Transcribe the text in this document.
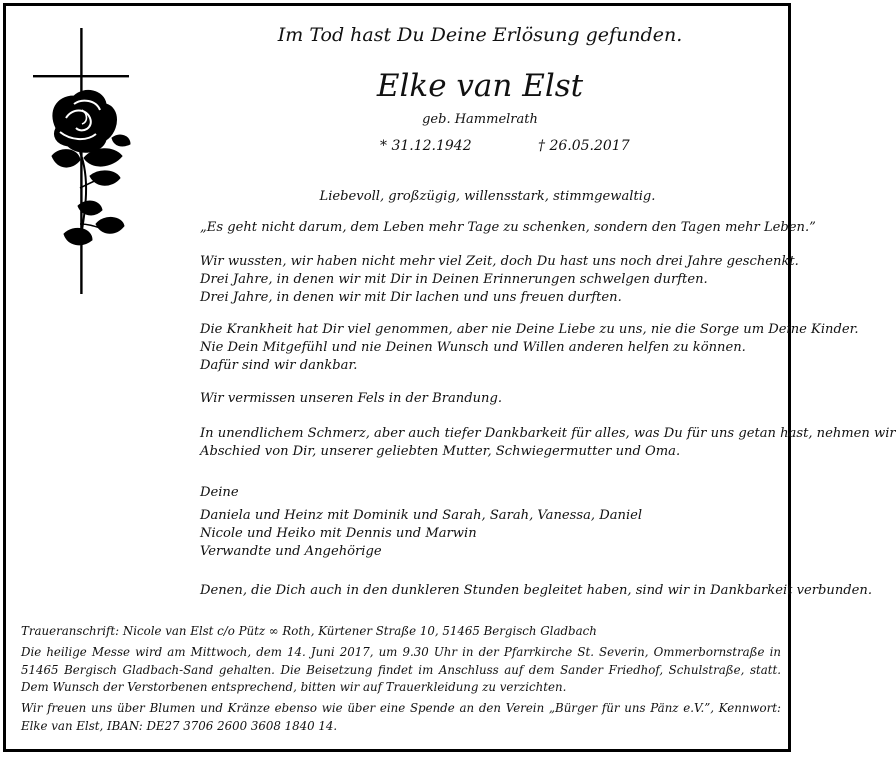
Im Tod hast Du Deine Erlösung gefunden.
Elke van Elst
geb. Hammelrath
* 31.12.1942	† 26.05.2017
Liebevoll, großzügig, willensstark, stimmgewaltig.
„Es geht nicht darum, dem Leben mehr Tage zu schenken, sondern den Tagen mehr Leben.”
Wir wussten, wir haben nicht mehr viel Zeit, doch Du hast uns noch drei Jahre geschenkt.
Drei Jahre, in denen wir mit Dir in Deinen Erinnerungen schwelgen durften.
Drei Jahre, in denen wir mit Dir lachen und uns freuen durften.
Die Krankheit hat Dir viel genommen, aber nie Deine Liebe zu uns, nie die Sorge um Deine Kinder.
Nie Dein Mitgefühl und nie Deinen Wunsch und Willen anderen helfen zu können.
Dafür sind wir dankbar.
Wir vermissen unseren Fels in der Brandung.
In unendlichem Schmerz, aber auch tiefer Dankbarkeit für alles, was Du für uns getan hast, nehmen wir
Abschied von Dir, unserer geliebten Mutter, Schwiegermutter und Oma.
Deine
Daniela und Heinz mit Dominik und Sarah, Sarah, Vanessa, Daniel
Nicole und Heiko mit Dennis und Marwin
Verwandte und Angehörige
Denen, die Dich auch in den dunkleren Stunden begleitet haben, sind wir in Dankbarkeit verbunden.
Traueranschrift: Nicole van Elst c/o Pütz ∞ Roth, Kürtener Straße 10, 51465 Bergisch Gladbach
Die heilige Messe wird am Mittwoch, dem 14. Juni 2017, um 9.30 Uhr in der Pfarrkirche St. Severin, Ommerbornstraße in 51465 Bergisch Gladbach-Sand gehalten. Die Beisetzung findet im Anschluss auf dem Sander Friedhof, Schulstraße, statt. Dem Wunsch der Verstorbenen entsprechend, bitten wir auf Trauerkleidung zu verzichten.
Wir freuen uns über Blumen und Kränze ebenso wie über eine Spende an den Verein „Bürger für uns Pänz e.V.”, Kennwort: Elke van Elst, IBAN: DE27 3706 2600 3608 1840 14.
